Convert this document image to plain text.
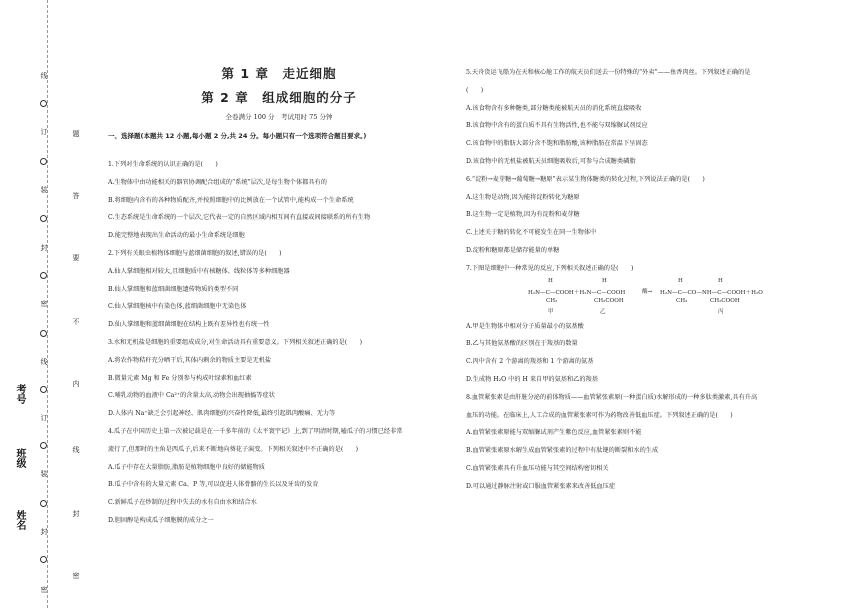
线
订
装
封
密
线
订
装
封
密
题
答
要
不
内
线
封
密
考号
班级
姓名
第 1 章　走近细胞
第 2 章　组成细胞的分子
全卷满分 100 分　考试用时 75 分钟
一、选择题(本题共 12 小题,每小题 2 分,共 24 分。每小题只有一个选项符合题目要求。)
1.下列对生命系统的认识正确的是(　　)
A.生物体中由功能相关的器官协调配合组成的“系统”层次,是每生物个体都具有的
B.将细胞内含有的各种物质配齐,并按照细胞中的比例放在一个试管中,能构成一个生命系统
C.生态系统是生命系统的一个层次,它代表一定的自然区域内相互间有直接或间接联系的所有生物
D.能完整地表现出生命活动的最小生命系统是细胞
2.下列有关眼虫植物体细胞与蓝细菌细胞的叙述,错误的是(　　)
A.仙人掌细胞相对较大,且细胞质中有核糖体、线粒体等多种细胞器
B.仙人掌细胞和蓝细菌细胞遗传物质的类型不同
C.仙人掌细胞核中有染色体,蓝细菌细胞中无染色体
D.仙人掌细胞和蓝细菌细胞在结构上既有差异性也有统一性
3.水和无机盐是细胞的重要组成成分,对生命活动具有重要意义。下列相关叙述正确的是(　　)
A.将农作物秸秆充分晒干后,其体内剩余的物质主要是无机盐
B.微量元素 Mg 和 Fe 分别参与构成叶绿素和血红素
C.哺乳动物的血液中 Ca²⁺的含量太高,动物会出现抽搐等症状
D.人体内 Na⁺缺乏会引起神经、肌肉细胞的兴奋性降低,最终引起肌肉酸痛、无力等
4.瓜子在中国历史上第一次被记载是在一千多年前的《太平寰宇记》上,到了明清时期,嗑瓜子的习惯已经非常
流行了,但那时的主角是西瓜子,后来不断地向葵花子演变。下列相关叙述中不正确的是(　　)
A.瓜子中存在大量脂肪,脂肪是植物细胞中良好的储能物质
B.瓜子中含有的大量元素 Ca、P 等,可以促进人体骨骼的生长以及牙齿的发育
C.新鲜瓜子在炒制的过程中失去的水有自由水和结合水
D.胆固醇是构成瓜子细胞膜的成分之一
5.天舟货运飞船为在天和核心舱工作的航天员们送去一份特殊的“外卖”——鱼香肉丝。下列叙述正确的是
(　　)
A.该食物含有多种糖类,部分糖类能被航天员的消化系统直接吸收
B.该食物中含有的蛋白质不具有生物活性,也不能与双缩脲试剂反应
C.该食物中的脂肪大部分含不饱和脂肪酸,该种脂肪在常温下呈固态
D.该食物中的无机盐被航天员细胞吸收后,可参与合成糖类磷脂
6.“淀粉→麦芽糖→葡萄糖→糖原”表示某生物体糖类的转化过程,下列说法正确的是(　　)
A.这生物是动物,因为能将淀粉转化为糖原
B.这生物一定是植物,因为有淀粉和麦芽糖
C.上述关于糖的转化不可能发生在同一生物体中
D.淀粉和糖原都是储存能量的单糖
7.下图是细胞中一种常见的反应,下列相关叙述正确的是(　　)
H	H
H₂N—C—COOH＋H₂N—C—COOH
CH₃	CH₂COOH
甲	乙
酶→
H	H
H₂N—C—CO—NH—C—COOH＋H₂O
CH₃	CH₂COOH
丙
A.甲是生物体中相对分子质量最小的氨基酸
B.乙与其他氨基酸的区别在于羧基的数量
C.丙中含有 2 个游离的羧基和 1 个游离的氨基
D.生成物 H₂O 中的 H 来自甲的氨基和乙的羧基
8.血管紧张素是由肝脏分泌的前体物质——血管紧张素原(一种蛋白质)水解形成的一种多肽类激素,具有升高
血压的功能。在临床上,人工合成的血管紧张素可作为药物改善低血压症。下列叙述正确的是(　　)
A.血管紧张素原能与双缩脲试剂产生紫色反应,血管紧张素则不能
B.血管紧张素原水解生成血管紧张素的过程中有肽键的断裂和水的生成
C.血管紧张素具有升血压功能与其空间结构密切相关
D.可以通过静脉注射或口服血管紧张素来改善低血压症
